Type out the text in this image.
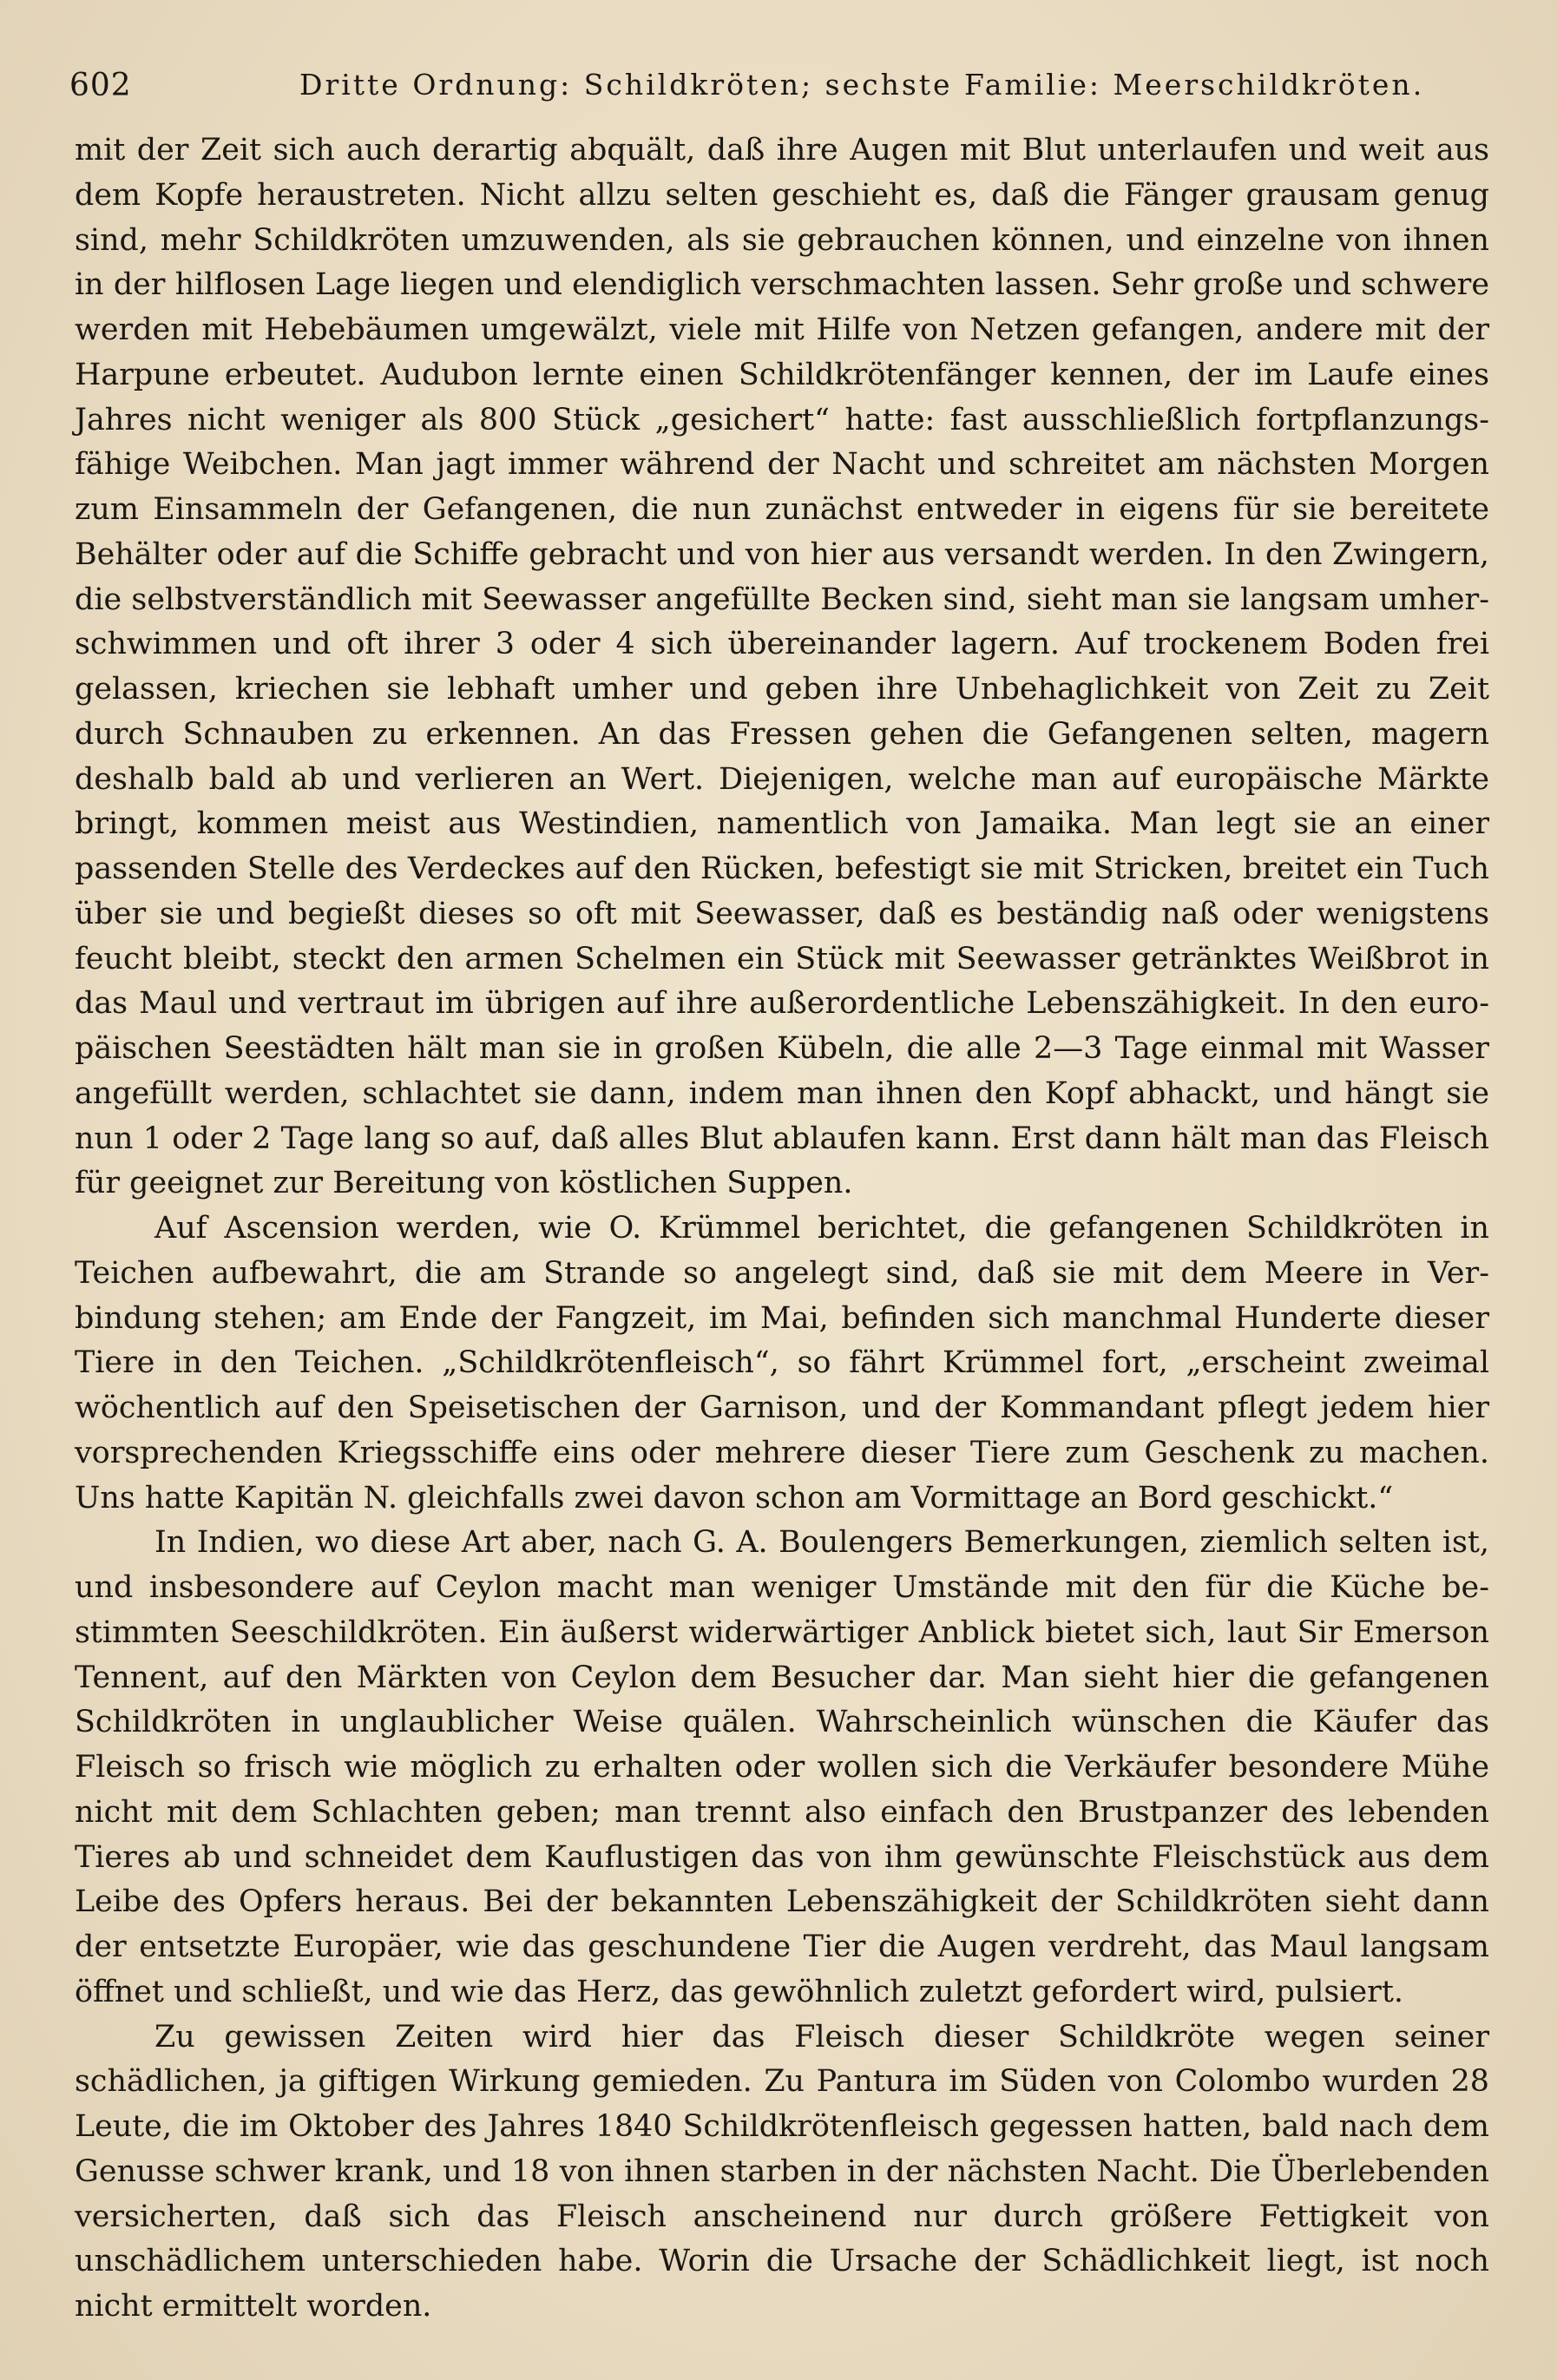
602	Dritte Ordnung: Schildkröten; sechste Familie: Meerschildkröten.

mit der Zeit sich auch derartig abquält, daß ihre Augen mit Blut unterlaufen und weit aus dem Kopfe heraustreten. Nicht allzu selten geschieht es, daß die Fänger grausam genug sind, mehr Schildkröten umzuwenden, als sie gebrauchen können, und einzelne von ihnen in der hilflosen Lage liegen und elendiglich verschmachten lassen. Sehr große und schwere werden mit Hebebäumen umgewälzt, viele mit Hilfe von Netzen gefangen, andere mit der Harpune erbeutet. Audubon lernte einen Schildkrötenfänger kennen, der im Laufe eines Jahres nicht weniger als 800 Stück „gesichert“ hatte: fast ausschließlich fortpflanzungsfähige Weibchen. Man jagt immer während der Nacht und schreitet am nächsten Morgen zum Einsammeln der Gefangenen, die nun zunächst entweder in eigens für sie bereitete Behälter oder auf die Schiffe gebracht und von hier aus versandt werden. In den Zwingern, die selbstverständlich mit Seewasser angefüllte Becken sind, sieht man sie langsam umherschwimmen und oft ihrer 3 oder 4 sich übereinander lagern. Auf trockenem Boden frei gelassen, kriechen sie lebhaft umher und geben ihre Unbehaglichkeit von Zeit zu Zeit durch Schnauben zu erkennen. An das Fressen gehen die Gefangenen selten, magern deshalb bald ab und verlieren an Wert. Diejenigen, welche man auf europäische Märkte bringt, kommen meist aus Westindien, namentlich von Jamaika. Man legt sie an einer passenden Stelle des Verdeckes auf den Rücken, befestigt sie mit Stricken, breitet ein Tuch über sie und begießt dieses so oft mit Seewasser, daß es beständig naß oder wenigstens feucht bleibt, steckt den armen Schelmen ein Stück mit Seewasser getränktes Weißbrot in das Maul und vertraut im übrigen auf ihre außerordentliche Lebenszähigkeit. In den europäischen Seestädten hält man sie in großen Kübeln, die alle 2—3 Tage einmal mit Wasser angefüllt werden, schlachtet sie dann, indem man ihnen den Kopf abhackt, und hängt sie nun 1 oder 2 Tage lang so auf, daß alles Blut ablaufen kann. Erst dann hält man das Fleisch für geeignet zur Bereitung von köstlichen Suppen.

Auf Ascension werden, wie O. Krümmel berichtet, die gefangenen Schildkröten in Teichen aufbewahrt, die am Strande so angelegt sind, daß sie mit dem Meere in Verbindung stehen; am Ende der Fangzeit, im Mai, befinden sich manchmal Hunderte dieser Tiere in den Teichen. „Schildkrötenfleisch“, so fährt Krümmel fort, „erscheint zweimal wöchentlich auf den Speisetischen der Garnison, und der Kommandant pflegt jedem hier vorsprechenden Kriegsschiffe eins oder mehrere dieser Tiere zum Geschenk zu machen. Uns hatte Kapitän N. gleichfalls zwei davon schon am Vormittage an Bord geschickt.“

In Indien, wo diese Art aber, nach G. A. Boulengers Bemerkungen, ziemlich selten ist, und insbesondere auf Ceylon macht man weniger Umstände mit den für die Küche bestimmten Seeschildkröten. Ein äußerst widerwärtiger Anblick bietet sich, laut Sir Emerson Tennent, auf den Märkten von Ceylon dem Besucher dar. Man sieht hier die gefangenen Schildkröten in unglaublicher Weise quälen. Wahrscheinlich wünschen die Käufer das Fleisch so frisch wie möglich zu erhalten oder wollen sich die Verkäufer besondere Mühe nicht mit dem Schlachten geben; man trennt also einfach den Brustpanzer des lebenden Tieres ab und schneidet dem Kauflustigen das von ihm gewünschte Fleischstück aus dem Leibe des Opfers heraus. Bei der bekannten Lebenszähigkeit der Schildkröten sieht dann der entsetzte Europäer, wie das geschundene Tier die Augen verdreht, das Maul langsam öffnet und schließt, und wie das Herz, das gewöhnlich zuletzt gefordert wird, pulsiert.

Zu gewissen Zeiten wird hier das Fleisch dieser Schildkröte wegen seiner schädlichen, ja giftigen Wirkung gemieden. Zu Pantura im Süden von Colombo wurden 28 Leute, die im Oktober des Jahres 1840 Schildkrötenfleisch gegessen hatten, bald nach dem Genusse schwer krank, und 18 von ihnen starben in der nächsten Nacht. Die Überlebenden versicherten, daß sich das Fleisch anscheinend nur durch größere Fettigkeit von unschädlichem unterschieden habe. Worin die Ursache der Schädlichkeit liegt, ist noch nicht ermittelt worden.
